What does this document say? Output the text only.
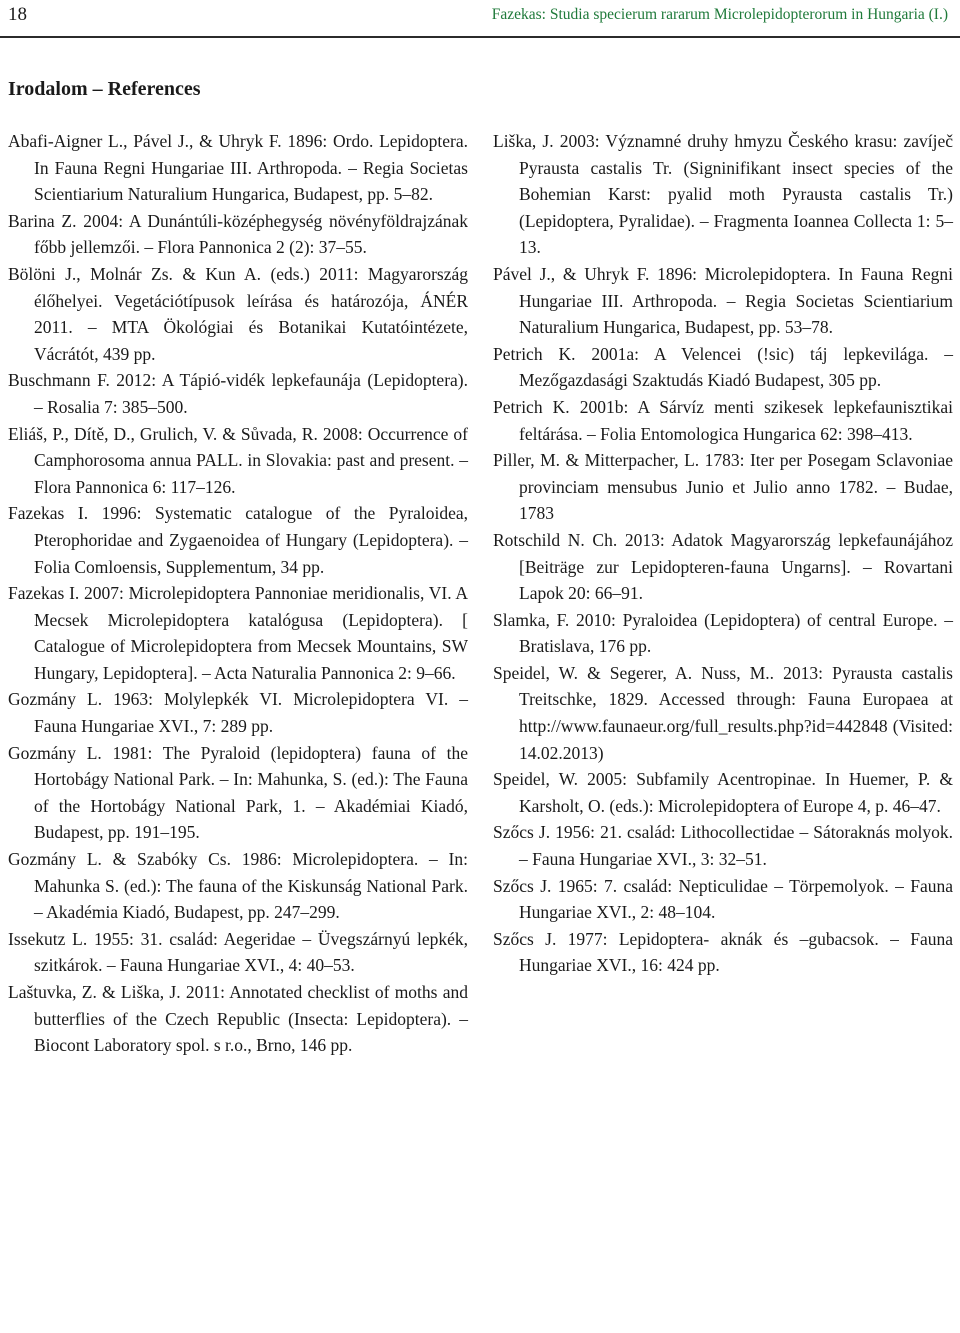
18	Fazekas: Studia specierum rararum Microlepidopterorum in Hungaria (I.)
Irodalom – References

Abafi-Aigner L., Pável J., & Uhryk F. 1896: Ordo. Lepidoptera. In Fauna Regni Hungariae III. Arthropoda. – Regia Societas Scientiarium Naturalium Hungarica, Budapest, pp. 5–82.

Barina Z. 2004: A Dunántúli-középhegység növényföldrajzának főbb jellemzői. – Flora Pannonica 2 (2): 37–55.

Bölöni J., Molnár Zs. & Kun A. (eds.) 2011: Magyarország élőhelyei. Vegetációtípusok leírása és határozója, ÁNÉR 2011. – MTA Ökológiai és Botanikai Kutatóintézete, Vácrátót, 439 pp.

Buschmann F. 2012: A Tápió-vidék lepkefaunája (Lepidoptera). – Rosalia 7: 385–500.

Eliáš, P., Dítě, D., Grulich, V. & Sůvada, R. 2008: Occurrence of Camphorosoma annua PALL. in Slovakia: past and present. – Flora Pannonica 6: 117–126.

Fazekas I. 1996: Systematic catalogue of the Pyraloidea, Pterophoridae and Zygaenoidea of Hungary (Lepidoptera). – Folia Comloensis, Supplementum, 34 pp.

Fazekas I. 2007: Microlepidoptera Pannoniae meridionalis, VI. A Mecsek Microlepidoptera katalógusa (Lepidoptera). [ Catalogue of Microlepidoptera from Mecsek Mountains, SW Hungary, Lepidoptera]. – Acta Naturalia Pannonica 2: 9–66.

Gozmány L. 1963: Molylepkék VI. Microlepidoptera VI. – Fauna Hungariae XVI., 7: 289 pp.

Gozmány L. 1981: The Pyraloid (lepidoptera) fauna of the Hortobágy National Park. – In: Mahunka, S. (ed.): The Fauna of the Hortobágy National Park, 1. – Akadémiai Kiadó, Budapest, pp. 191–195.

Gozmány L. & Szabóky Cs. 1986: Microlepidoptera. – In: Mahunka S. (ed.): The fauna of the Kiskunság National Park. – Akadémia Kiadó, Budapest, pp. 247–299.

Issekutz L. 1955: 31. család: Aegeridae – Üvegszárnyú lepkék, szitkárok. – Fauna Hungariae XVI., 4: 40–53.

Laštuvka, Z. & Liška, J. 2011: Annotated checklist of moths and butterflies of the Czech Republic (Insecta: Lepidoptera). – Biocont Laboratory spol. s r.o., Brno, 146 pp.

Liška, J. 2003: Významné druhy hmyzu Českého krasu: zavíječ Pyrausta castalis Tr. (Signinifikant insect species of the Bohemian Karst: pyalid moth Pyrausta castalis Tr.) (Lepidoptera, Pyralidae). – Fragmenta Ioannea Collecta 1: 5–13.

Pável J., & Uhryk F. 1896: Microlepidoptera. In Fauna Regni Hungariae III. Arthropoda. – Regia Societas Scientiarium Naturalium Hungarica, Budapest, pp. 53–78.

Petrich K. 2001a: A Velencei (!sic) táj lepkevilága. – Mezőgazdasági Szaktudás Kiadó Budapest, 305 pp.

Petrich K. 2001b: A Sárvíz menti szikesek lepkefaunisztikai feltárása. – Folia Entomologica Hungarica 62: 398–413.

Piller, M. & Mitterpacher, L. 1783: Iter per Posegam Sclavoniae provinciam mensubus Junio et Julio anno 1782. – Budae, 1783

Rotschild N. Ch. 2013: Adatok Magyarország lepkefaunájához [Beiträge zur Lepidopteren-fauna Ungarns]. – Rovartani Lapok 20: 66–91.

Slamka, F. 2010: Pyraloidea (Lepidoptera) of central Europe. – Bratislava, 176 pp.

Speidel, W. & Segerer, A. Nuss, M.. 2013: Pyrausta castalis Treitschke, 1829. Accessed through: Fauna Europaea at http://www.faunaeur.org/full_results.php?id=442848 (Visited: 14.02.2013)

Speidel, W. 2005: Subfamily Acentropinae. In Huemer, P. & Karsholt, O. (eds.): Microlepidoptera of Europe 4, p. 46–47.

Szőcs J. 1956: 21. család: Lithocollectidae – Sátoraknás molyok. – Fauna Hungariae XVI., 3: 32–51.

Szőcs J. 1965: 7. család: Nepticulidae – Törpemolyok. – Fauna Hungariae XVI., 2: 48–104.

Szőcs J. 1977: Lepidoptera- aknák és –gubacsok. – Fauna Hungariae XVI., 16: 424 pp.
